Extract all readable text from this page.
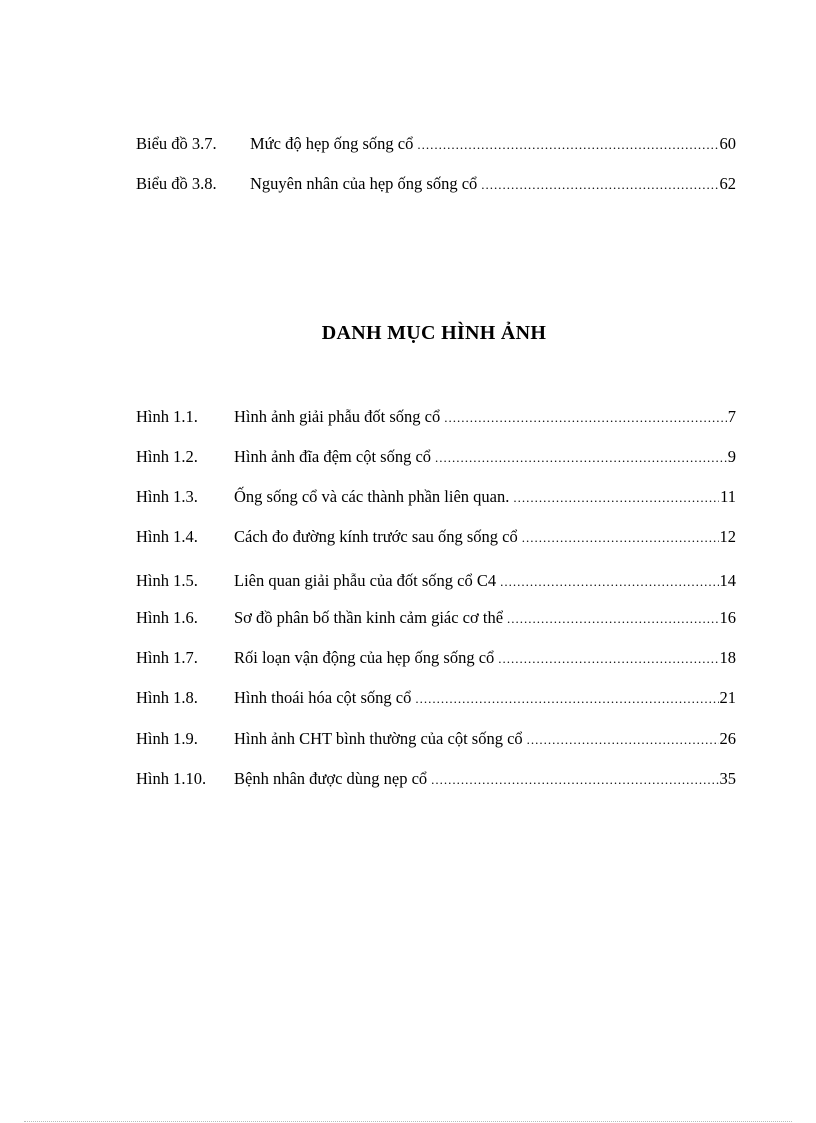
Biểu đồ 3.7.	Mức độ hẹp ống sống cổ .....	60
Biểu đồ 3.8.	Nguyên nhân của hẹp ống sống cổ .....	62
DANH MỤC HÌNH ẢNH
Hình 1.1.	Hình ảnh giải phẫu đốt sống cổ .....	7
Hình 1.2.	Hình ảnh đĩa đệm cột sống cổ .....	9
Hình 1.3.	Ống sống cổ và các thành phần liên quan. .....	11
Hình 1.4.	Cách đo đường kính trước sau ống sống cổ .....	12
Hình 1.5.	Liên quan giải phẫu của đốt sống cổ C4 .....	14
Hình 1.6.	Sơ đồ phân bố thần kinh cảm giác cơ thể .....	16
Hình 1.7.	Rối loạn vận động của hẹp ống sống cổ .....	18
Hình 1.8.	Hình thoái hóa cột sống cổ .....	21
Hình 1.9.	Hình ảnh CHT bình thường của cột sống cổ .....	26
Hình 1.10.	Bệnh nhân được dùng nẹp cổ .....	35
